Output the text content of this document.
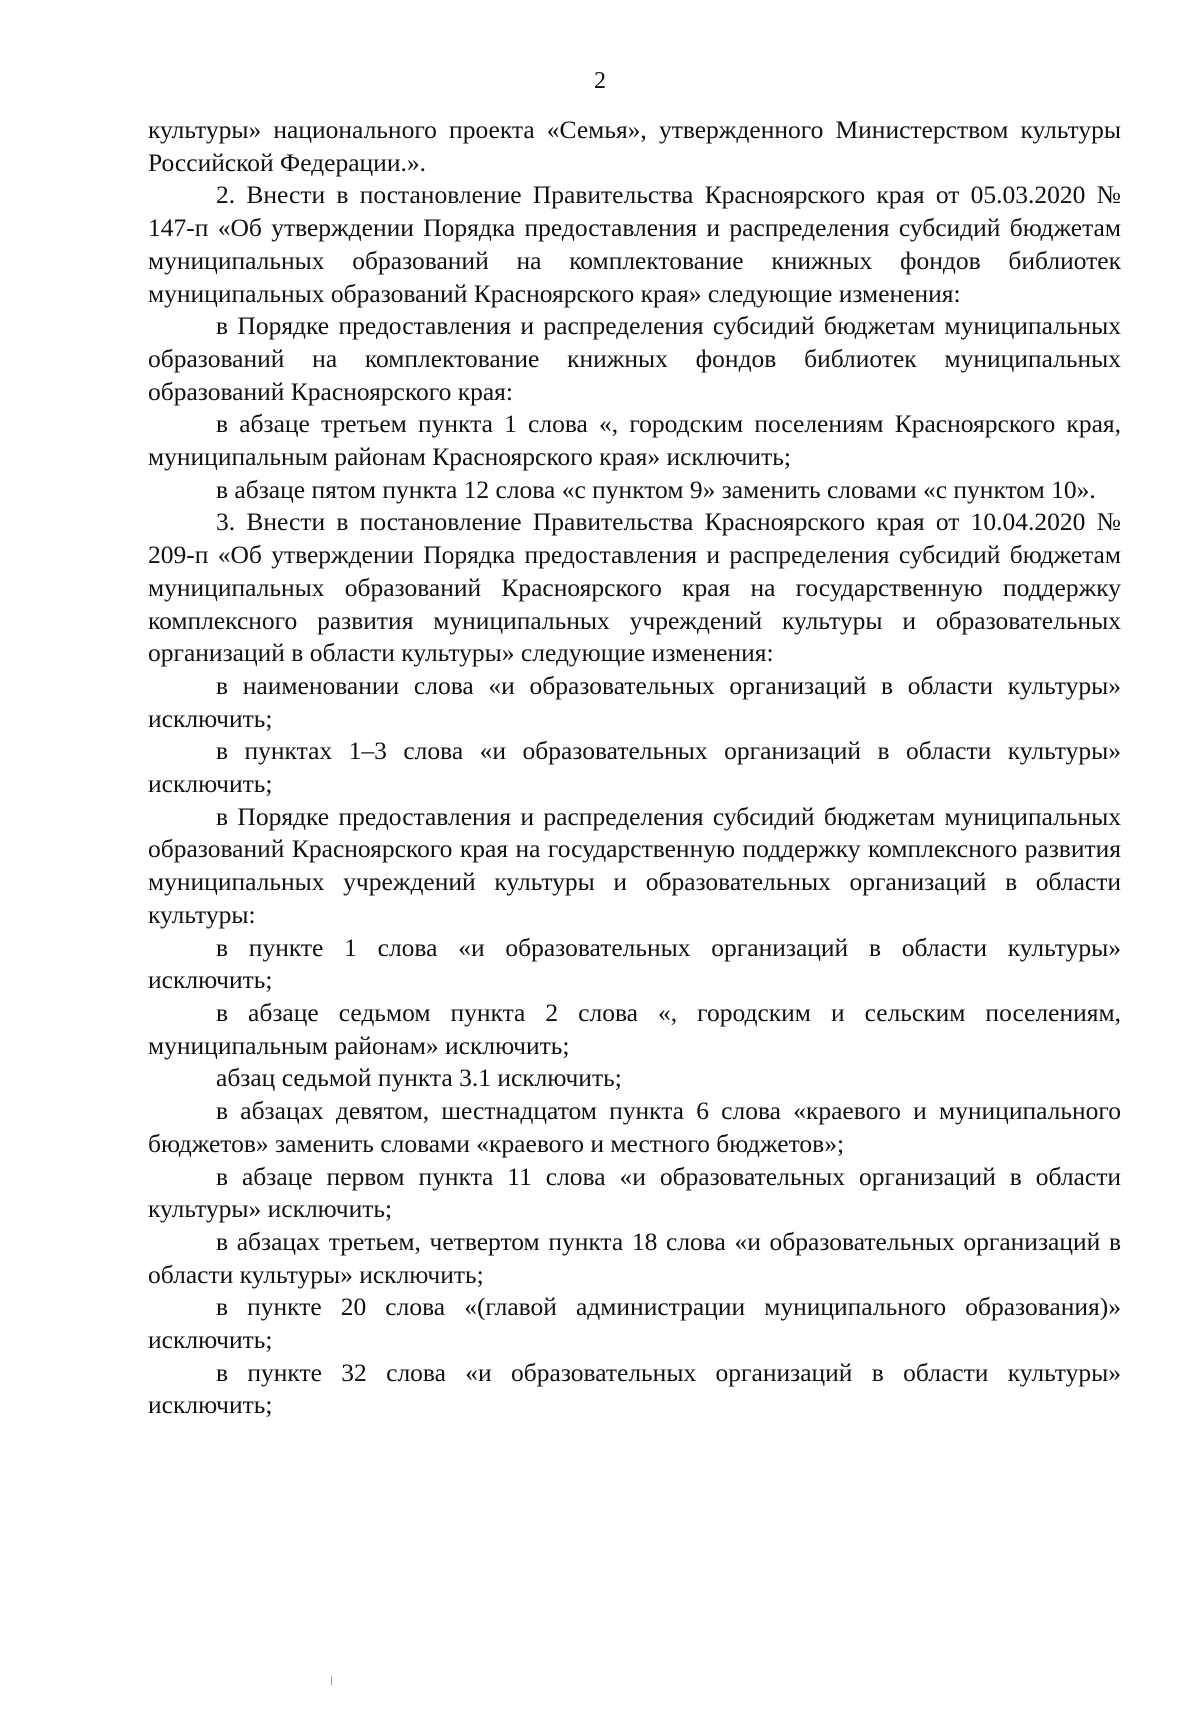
2

культуры» национального проекта «Семья», утвержденного Министерством культуры Российской Федерации.».

2. Внести в постановление Правительства Красноярского края от 05.03.2020 № 147-п «Об утверждении Порядка предоставления и распределения субсидий бюджетам муниципальных образований на комплектование книжных фондов библиотек муниципальных образований Красноярского края» следующие изменения:

в Порядке предоставления и распределения субсидий бюджетам муниципальных образований на комплектование книжных фондов библиотек муниципальных образований Красноярского края:

в абзаце третьем пункта 1 слова «, городским поселениям Красноярского края, муниципальным районам Красноярского края» исключить;

в абзаце пятом пункта 12 слова «с пунктом 9» заменить словами «с пунктом 10».

3. Внести в постановление Правительства Красноярского края от 10.04.2020 № 209-п «Об утверждении Порядка предоставления и распределения субсидий бюджетам муниципальных образований Красноярского края на государственную поддержку комплексного развития муниципальных учреждений культуры и образовательных организаций в области культуры» следующие изменения:

в наименовании слова «и образовательных организаций в области культуры» исключить;

в пунктах 1–3 слова «и образовательных организаций в области культуры» исключить;

в Порядке предоставления и распределения субсидий бюджетам муниципальных образований Красноярского края на государственную поддержку комплексного развития муниципальных учреждений культуры и образовательных организаций в области культуры:

в пункте 1 слова «и образовательных организаций в области культуры» исключить;

в абзаце седьмом пункта 2 слова «, городским и сельским поселениям, муниципальным районам» исключить;

абзац седьмой пункта 3.1 исключить;

в абзацах девятом, шестнадцатом пункта 6 слова «краевого и муниципального бюджетов» заменить словами «краевого и местного бюджетов»;

в абзаце первом пункта 11 слова «и образовательных организаций в области культуры» исключить;

в абзацах третьем, четвертом пункта 18 слова «и образовательных организаций в области культуры» исключить;

в пункте 20 слова «(главой администрации муниципального образования)» исключить;

в пункте 32 слова «и образовательных организаций в области культуры» исключить;
